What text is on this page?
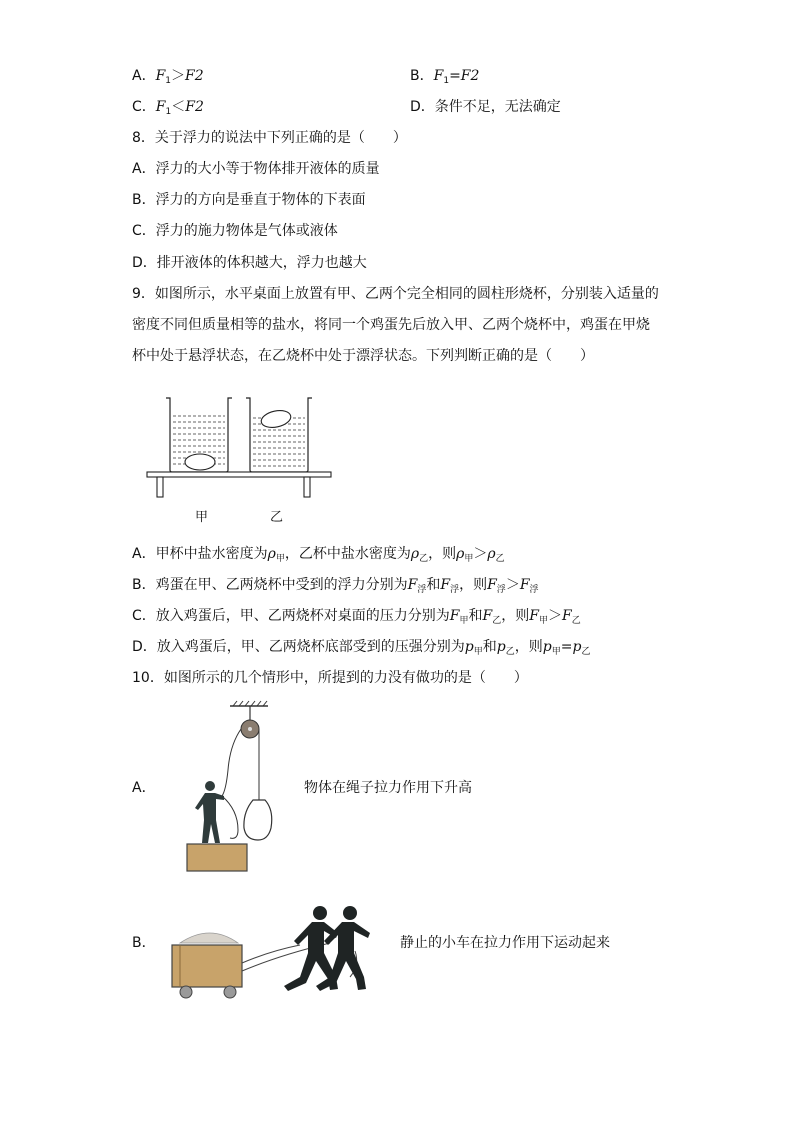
A．$F_1>F2$	B．$F_1=F2$
C．$F_1<F2$	D．条件不足，无法确定
8．关于浮力的说法中下列正确的是（　　）
A．浮力的大小等于物体排开液体的质量
B．浮力的方向是垂直于物体的下表面
C．浮力的施力物体是气体或液体
D．排开液体的体积越大，浮力也越大
9．如图所示，水平桌面上放置有甲、乙两个完全相同的圆柱形烧杯，分别装入适量的
密度不同但质量相等的盐水，将同一个鸡蛋先后放入甲、乙两个烧杯中，鸡蛋在甲烧
杯中处于悬浮状态，在乙烧杯中处于漂浮状态。下列判断正确的是（　　）
甲	乙
A．甲杯中盐水密度为$\rho_甲$，乙杯中盐水密度为$\rho_乙$，则$\rho_甲>\rho_乙$
B．鸡蛋在甲、乙两烧杯中受到的浮力分别为$F_浮$和$F_浮$，则$F_浮>F_浮$
C．放入鸡蛋后，甲、乙两烧杯对桌面的压力分别为$F_甲$和$F_乙$，则$F_甲>F_乙$
D．放入鸡蛋后，甲、乙两烧杯底部受到的压强分别为$p_甲$和$p_乙$，则$p_甲=p_乙$
10．如图所示的几个情形中，所提到的力没有做功的是（　　）
A．	物体在绳子拉力作用下升高
B．	静止的小车在拉力作用下运动起来
